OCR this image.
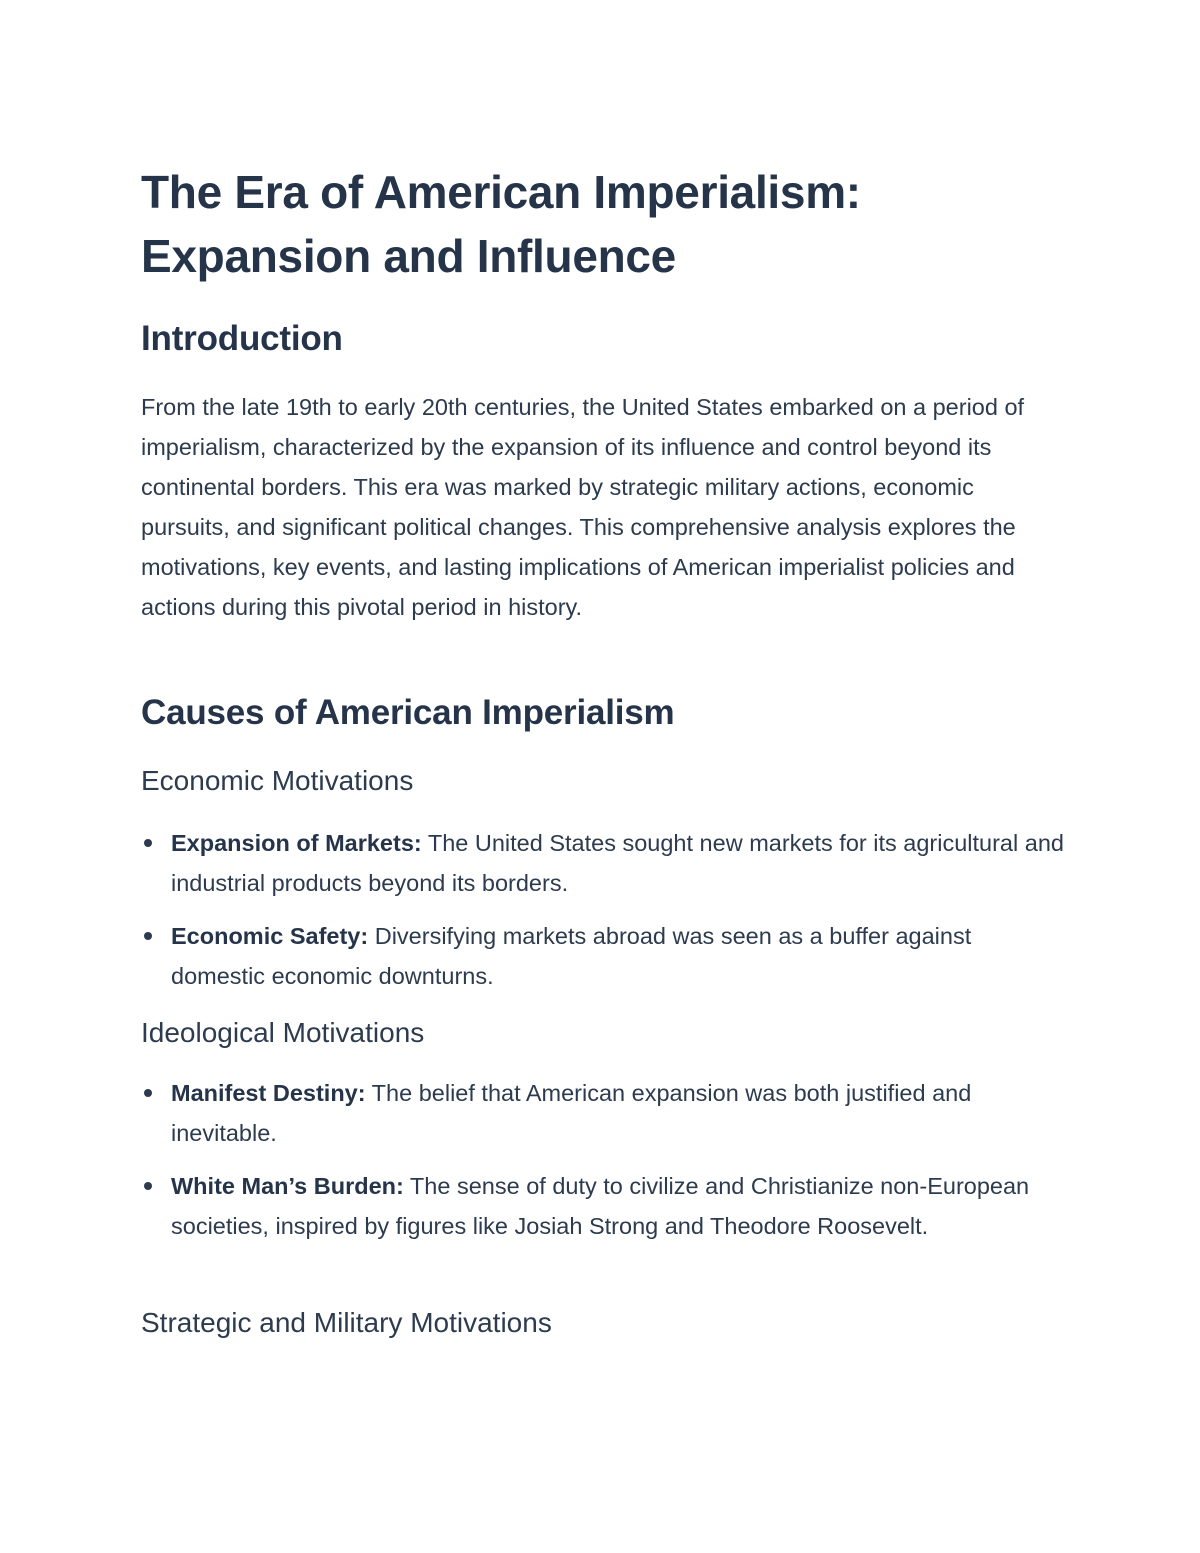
The Era of American Imperialism:
Expansion and Influence
Introduction

From the late 19th to early 20th centuries, the United States embarked on a period of imperialism, characterized by the expansion of its influence and control beyond its continental borders. This era was marked by strategic military actions, economic pursuits, and significant political changes. This comprehensive analysis explores the motivations, key events, and lasting implications of American imperialist policies and actions during this pivotal period in history.

Causes of American Imperialism
Economic Motivations
Expansion of Markets: The United States sought new markets for its agricultural and industrial products beyond its borders.
Economic Safety: Diversifying markets abroad was seen as a buffer against domestic economic downturns.
Ideological Motivations
Manifest Destiny: The belief that American expansion was both justified and inevitable.
White Man’s Burden: The sense of duty to civilize and Christianize non-European societies, inspired by figures like Josiah Strong and Theodore Roosevelt.
Strategic and Military Motivations
